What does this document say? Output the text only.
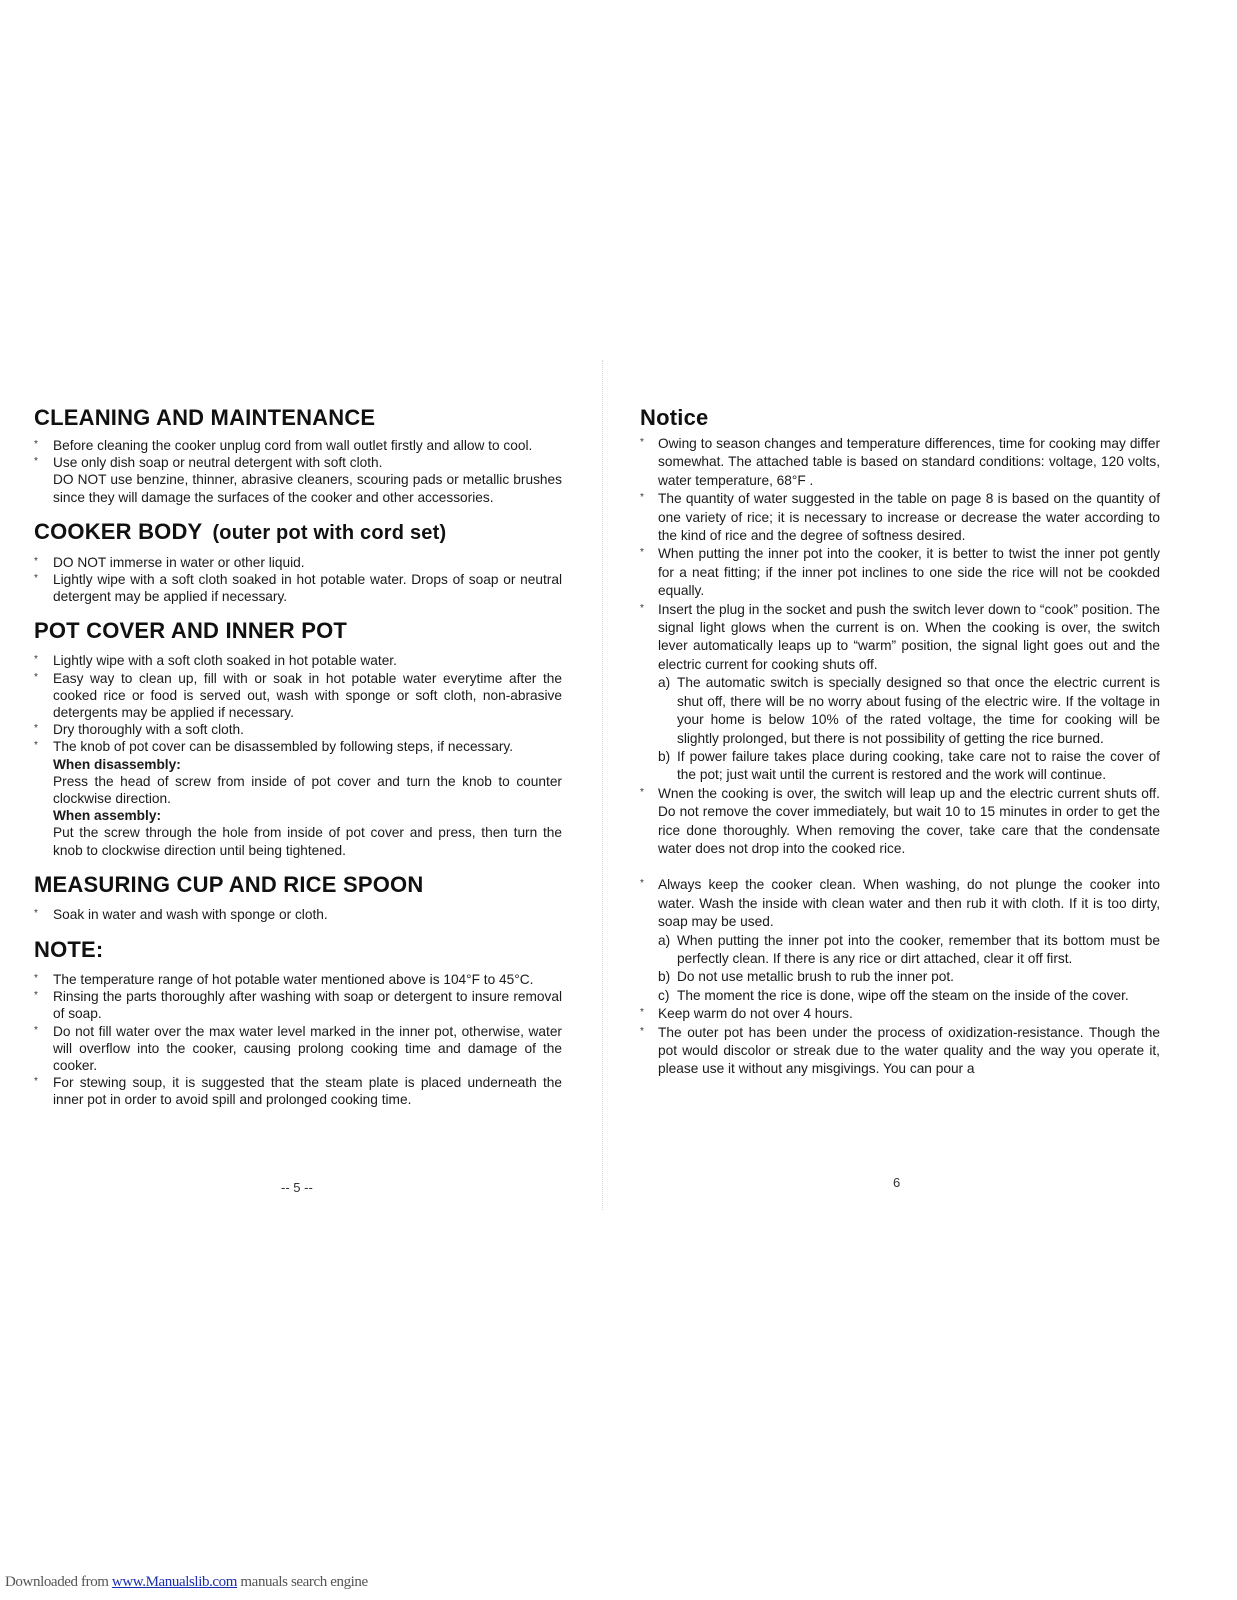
CLEANING AND MAINTENANCE
* Before cleaning the cooker unplug cord from wall outlet firstly and allow to cool.
* Use only dish soap or neutral detergent with soft cloth.
DO NOT use benzine, thinner, abrasive cleaners, scouring pads or metallic brushes since they will damage the surfaces of the cooker and other accessories.
COOKER BODY (outer pot with cord set)
* DO NOT immerse in water or other liquid.
* Lightly wipe with a soft cloth soaked in hot potable water. Drops of soap or neutral detergent may be applied if necessary.
POT COVER AND INNER POT
* Lightly wipe with a soft cloth soaked in hot potable water.
* Easy way to clean up, fill with or soak in hot potable water everytime after the cooked rice or food is served out, wash with sponge or soft cloth, non-abrasive detergents may be applied if necessary.
* Dry thoroughly with a soft cloth.
* The knob of pot cover can be disassembled by following steps, if necessary.
When disassembly:
Press the head of screw from inside of pot cover and turn the knob to counter clockwise direction.
When assembly:
Put the screw through the hole from inside of pot cover and press, then turn the knob to clockwise direction until being tightened.
MEASURING CUP AND RICE SPOON
* Soak in water and wash with sponge or cloth.
NOTE:
* The temperature range of hot potable water mentioned above is 104°F to 45°C.
* Rinsing the parts thoroughly after washing with soap or detergent to insure removal of soap.
* Do not fill water over the max water level marked in the inner pot, otherwise, water will overflow into the cooker, causing prolong cooking time and damage of the cooker.
* For stewing soup, it is suggested that the steam plate is placed underneath the inner pot in order to avoid spill and prolonged cooking time.
-- 5 --
Notice
* Owing to season changes and temperature differences, time for cooking may differ somewhat. The attached table is based on standard conditions: voltage, 120 volts, water temperature, 68°F .
* The quantity of water suggested in the table on page 8 is based on the quantity of one variety of rice; it is necessary to increase or decrease the water according to the kind of rice and the degree of softness desired.
* When putting the inner pot into the cooker, it is better to twist the inner pot gently for a neat fitting; if the inner pot inclines to one side the rice will not be cookded equally.
* Insert the plug in the socket and push the switch lever down to “cook” position. The signal light glows when the current is on. When the cooking is over, the switch lever automatically leaps up to “warm” position, the signal light goes out and the electric current for cooking shuts off.
a) The automatic switch is specially designed so that once the electric current is shut off, there will be no worry about fusing of the electric wire. If the voltage in your home is below 10% of the rated voltage, the time for cooking will be slightly prolonged, but there is not possibility of getting the rice burned.
b) If power failure takes place during cooking, take care not to raise the cover of the pot; just wait until the current is restored and the work will continue.
* Wnen the cooking is over, the switch will leap up and the electric current shuts off. Do not remove the cover immediately, but wait 10 to 15 minutes in order to get the rice done thoroughly. When removing the cover, take care that the condensate water does not drop into the cooked rice.
* Always keep the cooker clean. When washing, do not plunge the cooker into water. Wash the inside with clean water and then rub it with cloth. If it is too dirty, soap may be used.
a) When putting the inner pot into the cooker, remember that its bottom must be perfectly clean. If there is any rice or dirt attached, clear it off first.
b) Do not use metallic brush to rub the inner pot.
c) The moment the rice is done, wipe off the steam on the inside of the cover.
* Keep warm do not over 4 hours.
* The outer pot has been under the process of oxidization-resistance. Though the pot would discolor or streak due to the water quality and the way you operate it, please use it without any misgivings. You can pour a
6
Downloaded from www.Manualslib.com manuals search engine
